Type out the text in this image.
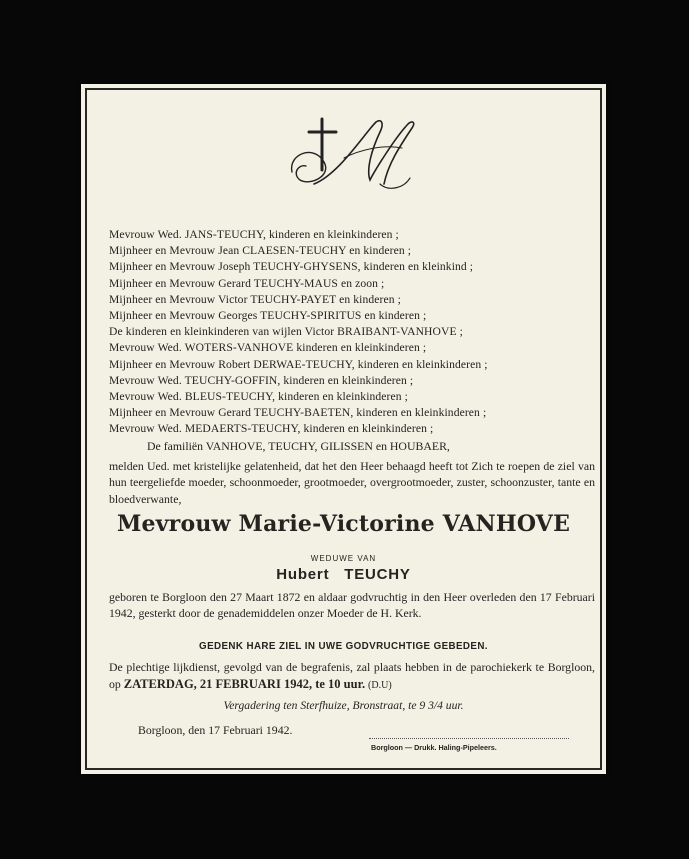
Mevrouw Wed. JANS-TEUCHY, kinderen en kleinkinderen ;
Mijnheer en Mevrouw Jean CLAESEN-TEUCHY en kinderen ;
Mijnheer en Mevrouw Joseph TEUCHY-GHYSENS, kinderen en kleinkind ;
Mijnheer en Mevrouw Gerard TEUCHY-MAUS en zoon ;
Mijnheer en Mevrouw Victor TEUCHY-PAYET en kinderen ;
Mijnheer en Mevrouw Georges TEUCHY-SPIRITUS en kinderen ;
De kinderen en kleinkinderen van wijlen Victor BRAIBANT-VANHOVE ;
Mevrouw Wed. WOTERS-VANHOVE kinderen en kleinkinderen ;
Mijnheer en Mevrouw Robert DERWAE-TEUCHY, kinderen en kleinkinderen ;
Mevrouw Wed. TEUCHY-GOFFIN, kinderen en kleinkinderen ;
Mevrouw Wed. BLEUS-TEUCHY, kinderen en kleinkinderen ;
Mijnheer en Mevrouw Gerard TEUCHY-BAETEN, kinderen en kleinkinderen ;
Mevrouw Wed. MEDAERTS-TEUCHY, kinderen en kleinkinderen ;
De familiën VANHOVE, TEUCHY, GILISSEN en HOUBAER,
melden Ued. met kristelijke gelatenheid, dat het den Heer behaagd heeft tot Zich te roepen de ziel van hun teergeliefde moeder, schoonmoeder, grootmoeder, overgrootmoeder, zuster, schoonzuster, tante en bloedverwante,
Mevrouw Marie-Victorine VANHOVE
WEDUWE VAN
Hubert   TEUCHY
geboren te Borgloon den 27 Maart 1872 en aldaar godvruchtig in den Heer overleden den 17 Februari 1942, gesterkt door de genademiddelen onzer Moeder de H. Kerk.
GEDENK HARE ZIEL IN UWE GODVRUCHTIGE GEBEDEN.
De plechtige lijkdienst, gevolgd van de begrafenis, zal plaats hebben in de parochiekerk te Borgloon, op ZATERDAG, 21 FEBRUARI 1942, te 10 uur. (D.U)
Vergadering ten Sterfhuize, Bronstraat, te 9 3/4 uur.
Borgloon, den 17 Februari 1942.
Borgloon — Drukk. Haling-Pipeleers.
